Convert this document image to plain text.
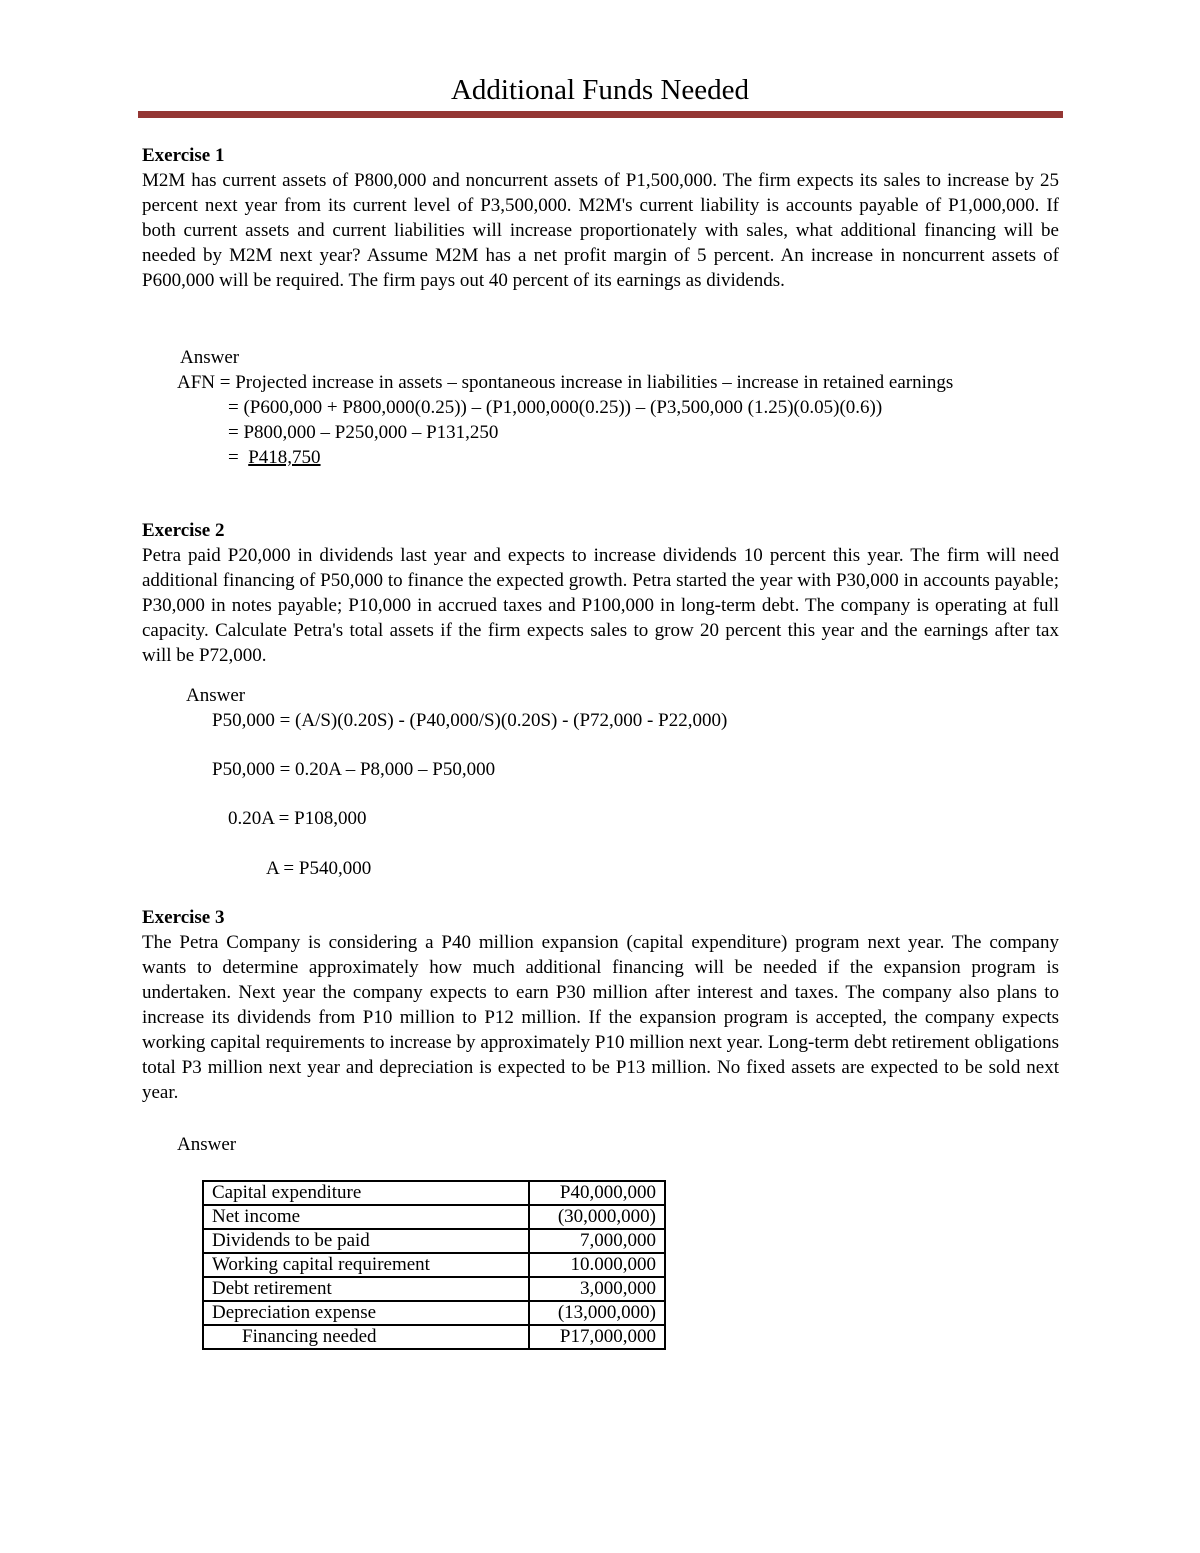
Additional Funds Needed

Exercise 1

M2M has current assets of P800,000 and noncurrent assets of P1,500,000. The firm expects its sales to increase by 25 percent next year from its current level of P3,500,000. M2M's current liability is accounts payable of P1,000,000. If both current assets and current liabilities will increase proportionately with sales, what additional financing will be needed by M2M next year? Assume M2M has a net profit margin of 5 percent. An increase in noncurrent assets of P600,000 will be required. The firm pays out 40 percent of its earnings as dividends.

Answer

AFN = Projected increase in assets – spontaneous increase in liabilities – increase in retained earnings

= (P600,000 + P800,000(0.25)) – (P1,000,000(0.25)) – (P3,500,000 (1.25)(0.05)(0.6))

= P800,000 – P250,000 – P131,250

= P418,750

Exercise 2

Petra paid P20,000 in dividends last year and expects to increase dividends 10 percent this year. The firm will need additional financing of P50,000 to finance the expected growth. Petra started the year with P30,000 in accounts payable; P30,000 in notes payable; P10,000 in accrued taxes and P100,000 in long-term debt. The company is operating at full capacity. Calculate Petra's total assets if the firm expects sales to grow 20 percent this year and the earnings after tax will be P72,000.

Answer

P50,000 = (A/S)(0.20S) - (P40,000/S)(0.20S) - (P72,000 - P22,000)

P50,000 = 0.20A – P8,000 – P50,000

0.20A = P108,000

A = P540,000

Exercise 3

The Petra Company is considering a P40 million expansion (capital expenditure) program next year. The company wants to determine approximately how much additional financing will be needed if the expansion program is undertaken. Next year the company expects to earn P30 million after interest and taxes. The company also plans to increase its dividends from P10 million to P12 million. If the expansion program is accepted, the company expects working capital requirements to increase by approximately P10 million next year. Long-term debt retirement obligations total P3 million next year and depreciation is expected to be P13 million. No fixed assets are expected to be sold next year.

Answer

Capital expenditure	P40,000,000
Net income	(30,000,000)
Dividends to be paid	7,000,000
Working capital requirement	10.000,000
Debt retirement	3,000,000
Depreciation expense	(13,000,000)
Financing needed	P17,000,000
